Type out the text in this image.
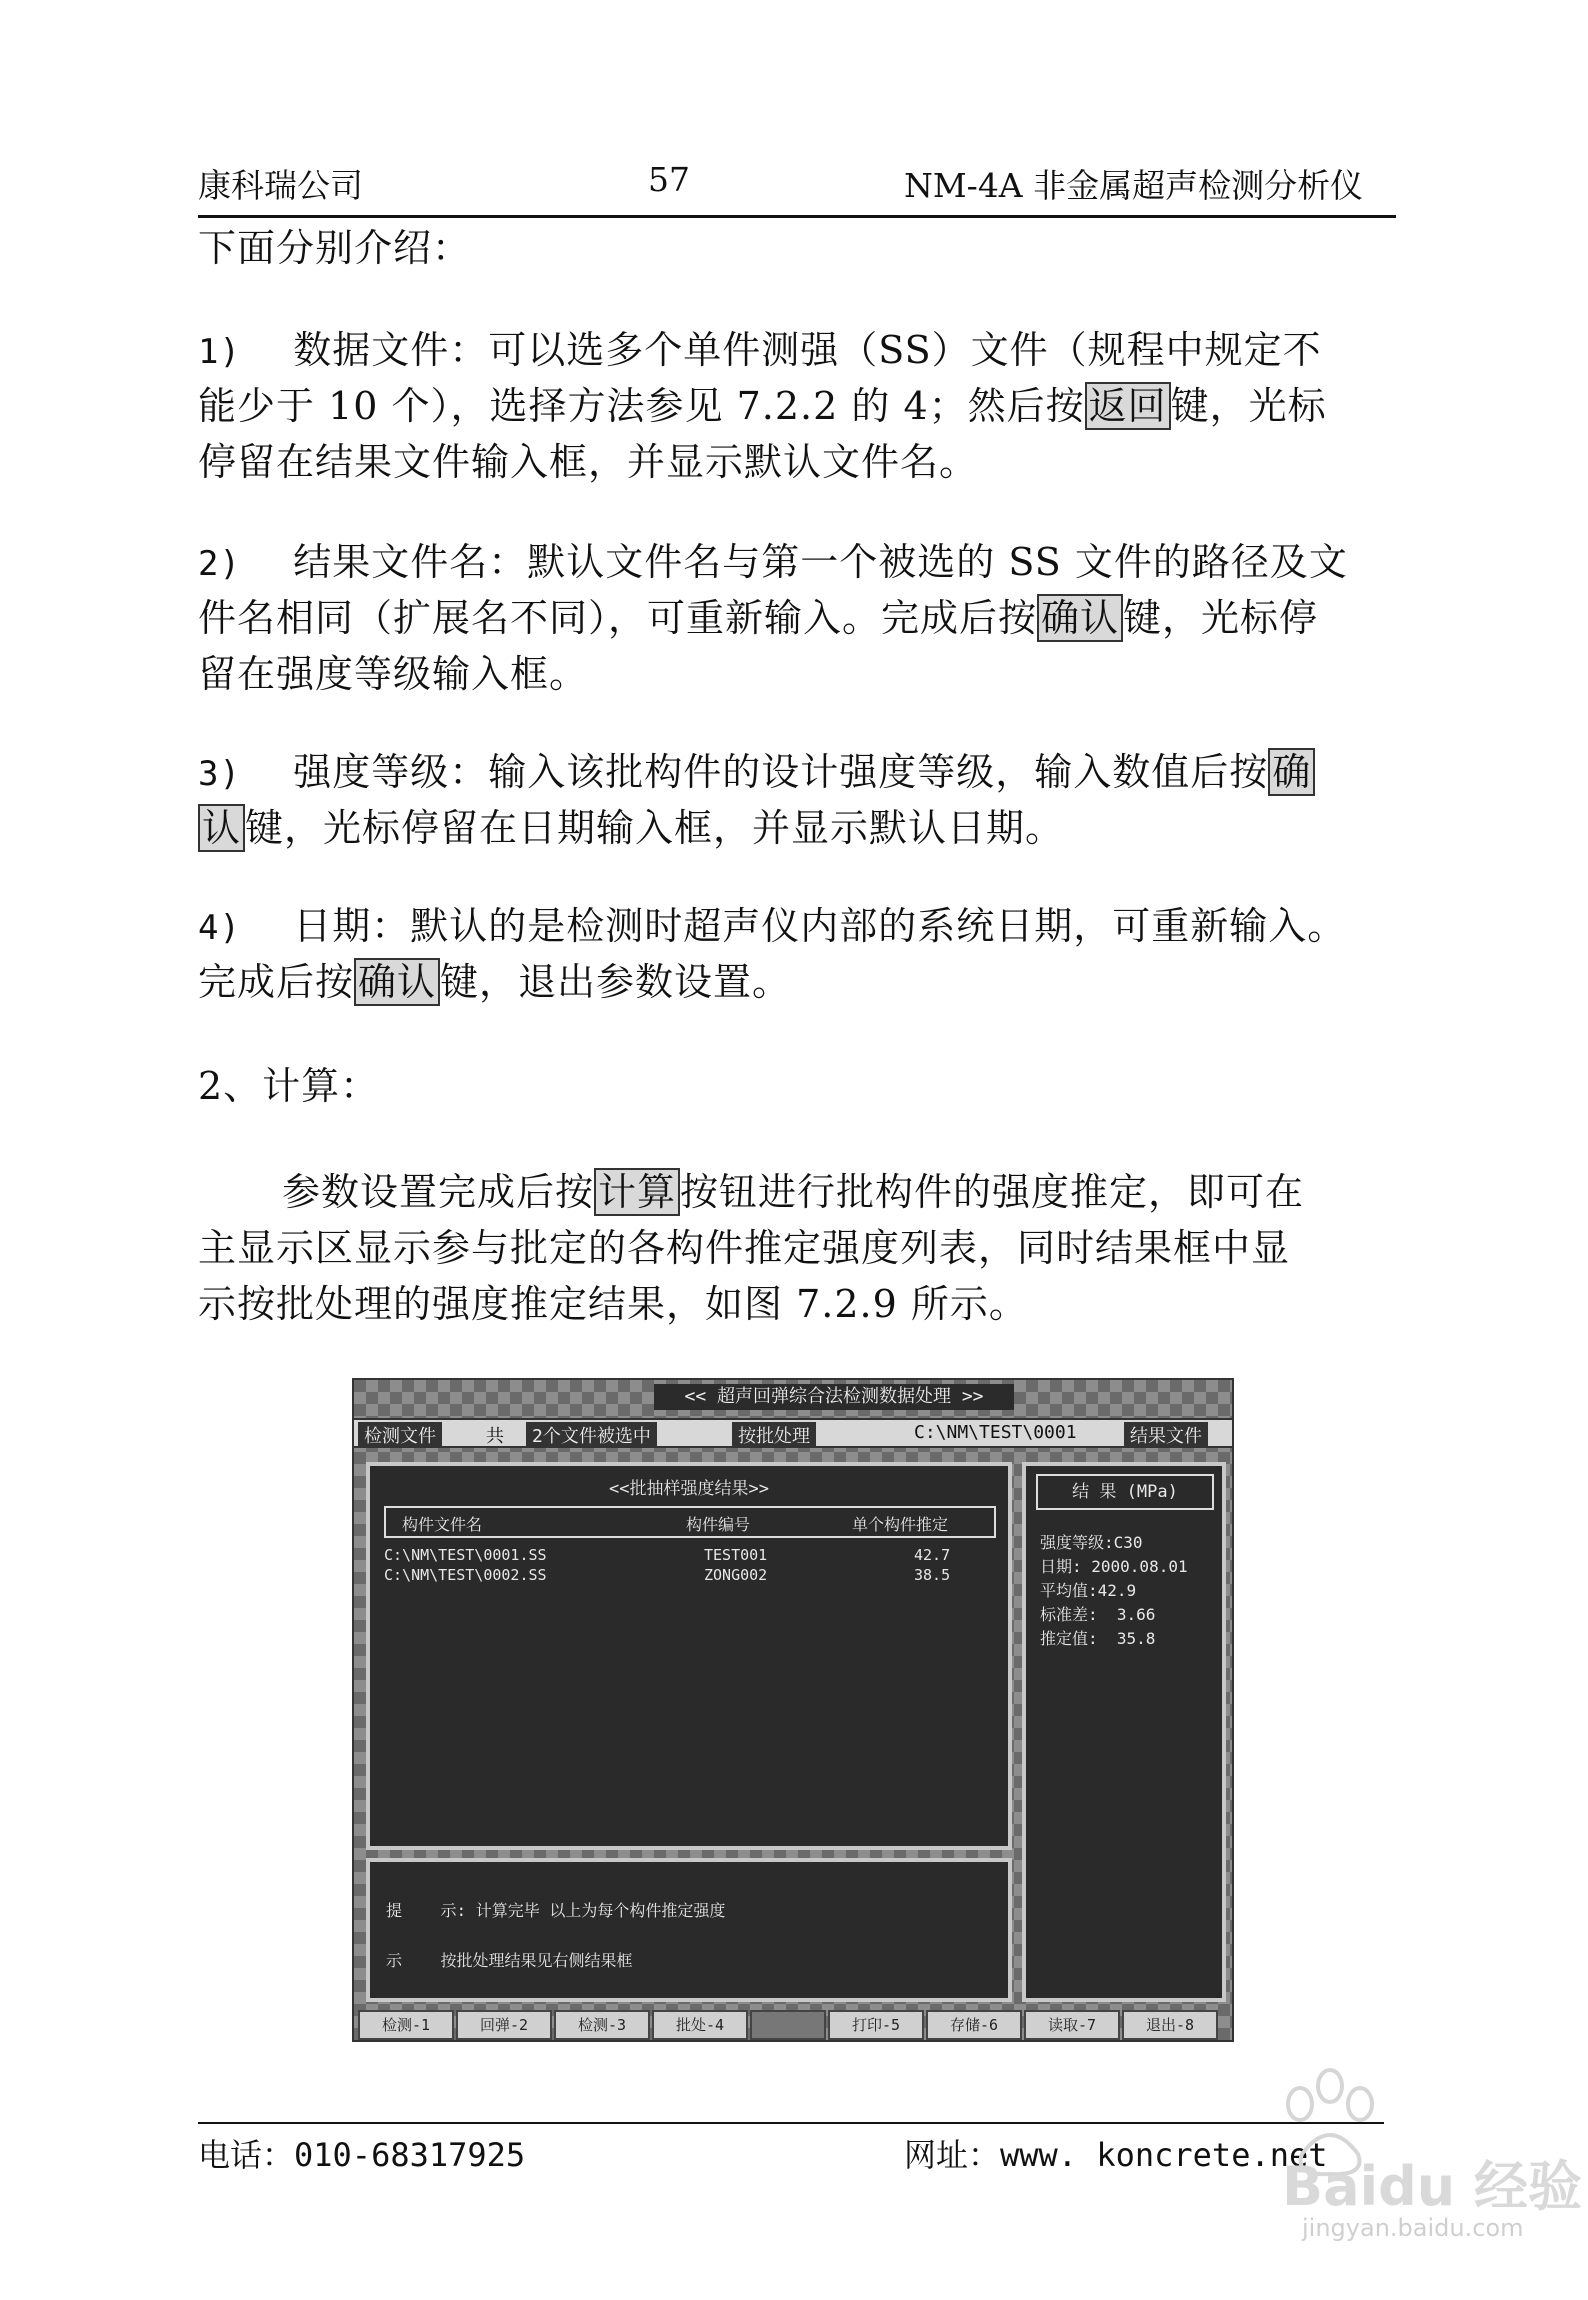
康科瑞公司	57	NM-4A 非金属超声检测分析仪
下面分别介绍：
1) 数据文件：可以选多个单件测强（SS）文件（规程中规定不
能少于 10 个），选择方法参见 7.2.2 的 4；然后按 返回 键，光标
停留在结果文件输入框，并显示默认文件名。
2) 结果文件名：默认文件名与第一个被选的 SS 文件的路径及文
件名相同（扩展名不同），可重新输入。完成后按 确认 键，光标停
留在强度等级输入框。
3) 强度等级：输入该批构件的设计强度等级，输入数值后按 确
认 键，光标停留在日期输入框，并显示默认日期。
4) 日期：默认的是检测时超声仪内部的系统日期，可重新输入。
完成后按 确认 键，退出参数设置。
2、计算：
参数设置完成后按 计算 按钮进行批构件的强度推定，即可在
主显示区显示参与批定的各构件推定强度列表，同时结果框中显
示按批处理的强度推定结果，如图 7.2.9 所示。
<< 超声回弹综合法检测数据处理 >>
检测文件	共	2个文件被选中	按批处理	C:\NM\TEST\0001	结果文件
<<批抽样强度结果>>
构件文件名	构件编号	单个构件推定
C:\NM\TEST\0001.SS	TEST001	42.7
C:\NM\TEST\0002.SS	ZONG002	38.5
结 果 (MPa)
强度等级:C30
日期: 2000.08.01
平均值:42.9
标准差:  3.66
推定值:  35.8
提    示: 计算完毕 以上为每个构件推定强度
示    按批处理结果见右侧结果框
检测-1	回弹-2	检测-3	批处-4	打印-5	存储-6	读取-7	退出-8
电话：010-68317925	网址：www. koncrete.net
Baidu 经验
jingyan.baidu.com
